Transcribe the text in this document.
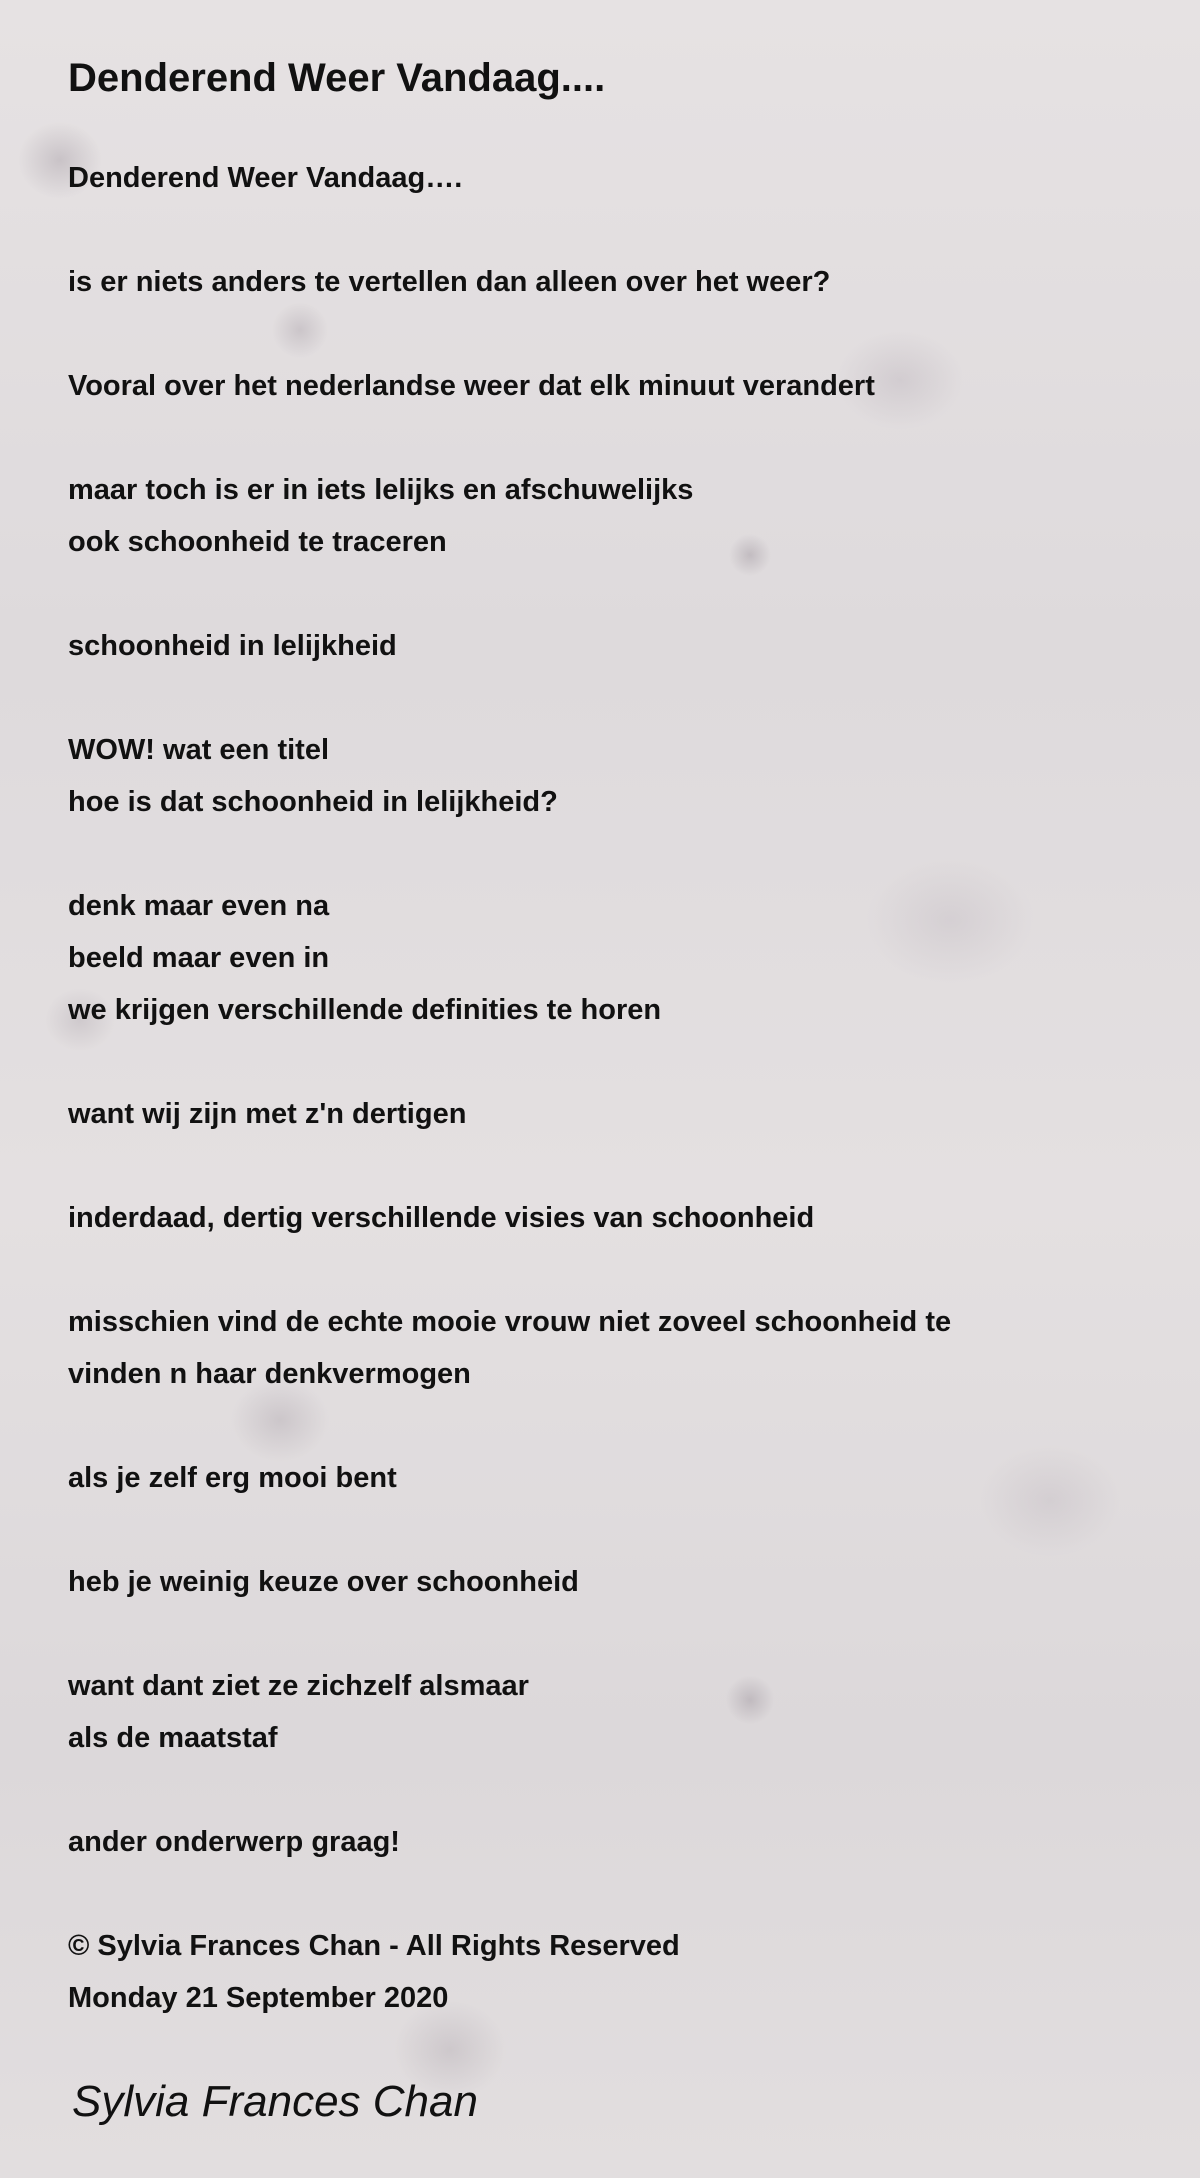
Denderend Weer Vandaag....
Denderend Weer Vandaag….
is er niets anders te vertellen dan alleen over het weer?
Vooral over het nederlandse weer dat elk minuut verandert
maar toch is er in iets lelijks en afschuwelijks
ook schoonheid te traceren
schoonheid in lelijkheid
WOW! wat een titel
hoe is dat schoonheid in lelijkheid?
denk maar even na
beeld maar even in
we krijgen verschillende definities te horen
want wij zijn met z'n dertigen
inderdaad, dertig verschillende visies van schoonheid
misschien vind de echte mooie vrouw niet zoveel schoonheid te
vinden n haar denkvermogen
als je zelf erg mooi bent
heb je weinig keuze over schoonheid
want dant ziet ze zichzelf alsmaar
als de maatstaf
ander onderwerp graag!
© Sylvia Frances Chan - All Rights Reserved
Monday 21 September 2020
Sylvia Frances Chan
